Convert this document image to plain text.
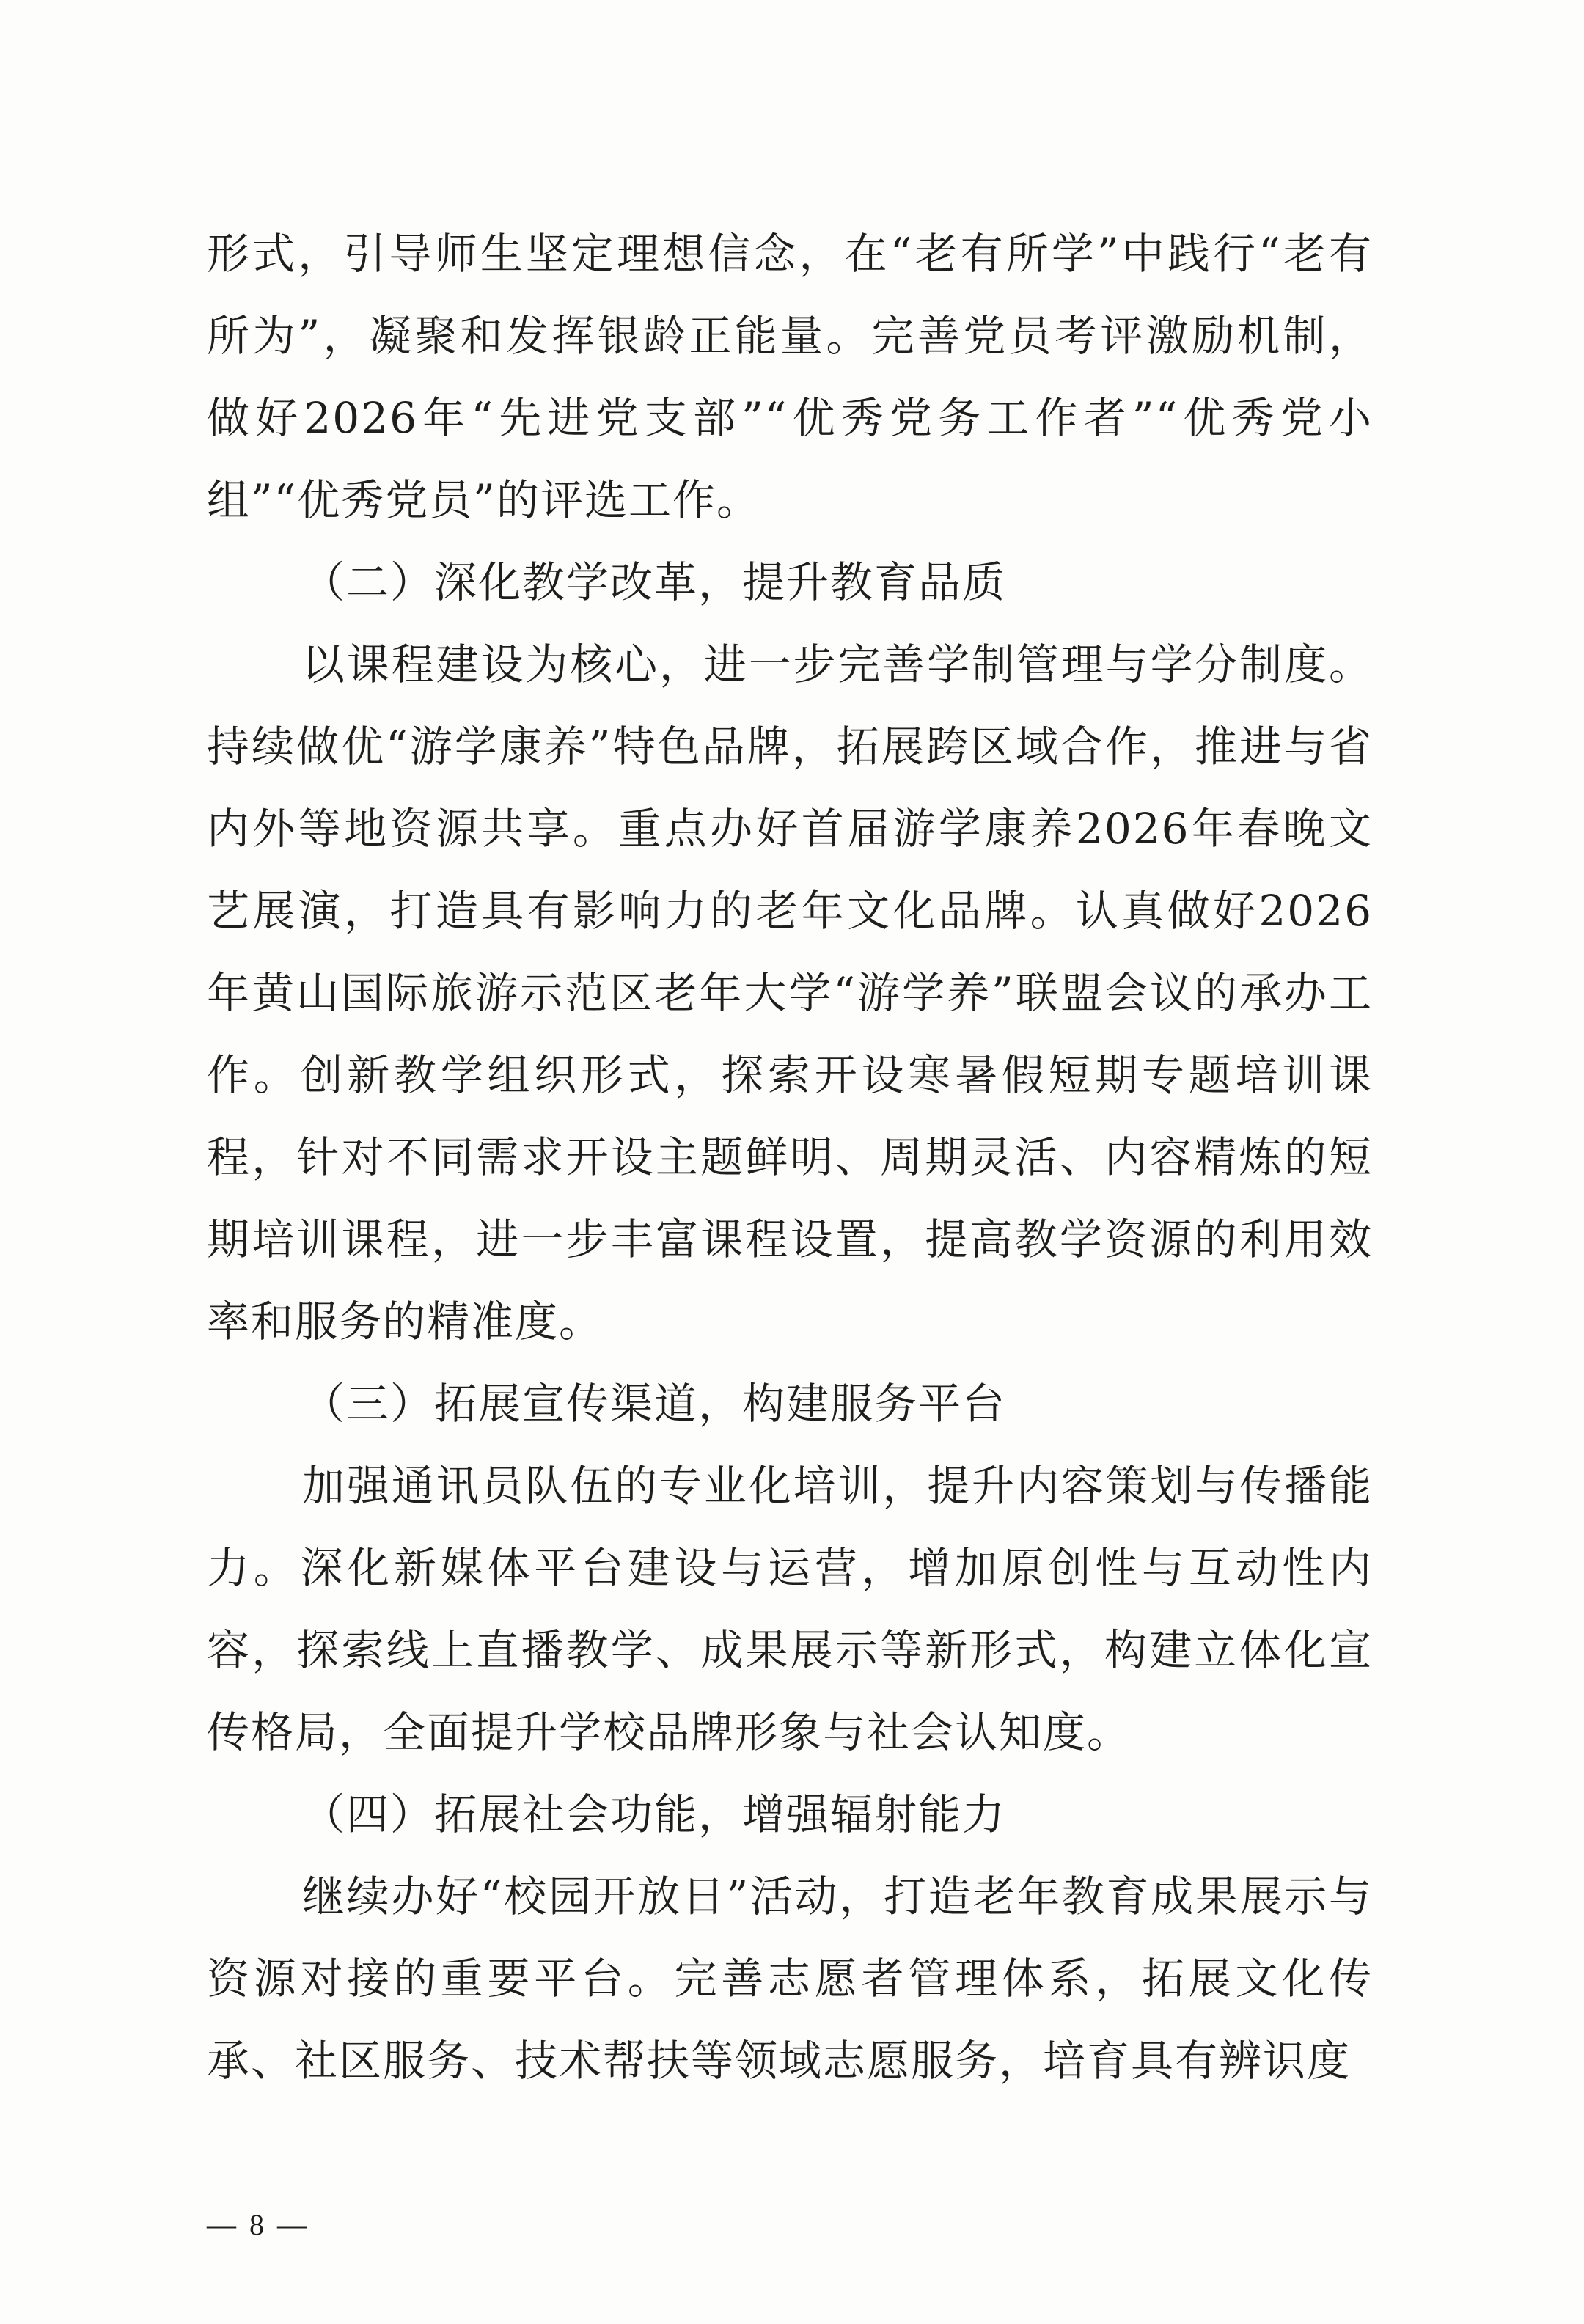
形式，引导师生坚定理想信念，在“老有所学”中践行“老有所为”，凝聚和发挥银龄正能量。完善党员考评激励机制，做好2026年“先进党支部”“优秀党务工作者”“优秀党小组”“优秀党员”的评选工作。

（二）深化教学改革，提升教育品质

以课程建设为核心，进一步完善学制管理与学分制度。持续做优“游学康养”特色品牌，拓展跨区域合作，推进与省内外等地资源共享。重点办好首届游学康养2026年春晚文艺展演，打造具有影响力的老年文化品牌。认真做好2026年黄山国际旅游示范区老年大学“游学养”联盟会议的承办工作。创新教学组织形式，探索开设寒暑假短期专题培训课程，针对不同需求开设主题鲜明、周期灵活、内容精炼的短期培训课程，进一步丰富课程设置，提高教学资源的利用效率和服务的精准度。

（三）拓展宣传渠道，构建服务平台

加强通讯员队伍的专业化培训，提升内容策划与传播能力。深化新媒体平台建设与运营，增加原创性与互动性内容，探索线上直播教学、成果展示等新形式，构建立体化宣传格局，全面提升学校品牌形象与社会认知度。

（四）拓展社会功能，增强辐射能力

继续办好“校园开放日”活动，打造老年教育成果展示与资源对接的重要平台。完善志愿者管理体系，拓展文化传承、社区服务、技术帮扶等领域志愿服务，培育具有辨识度

— 8 —
